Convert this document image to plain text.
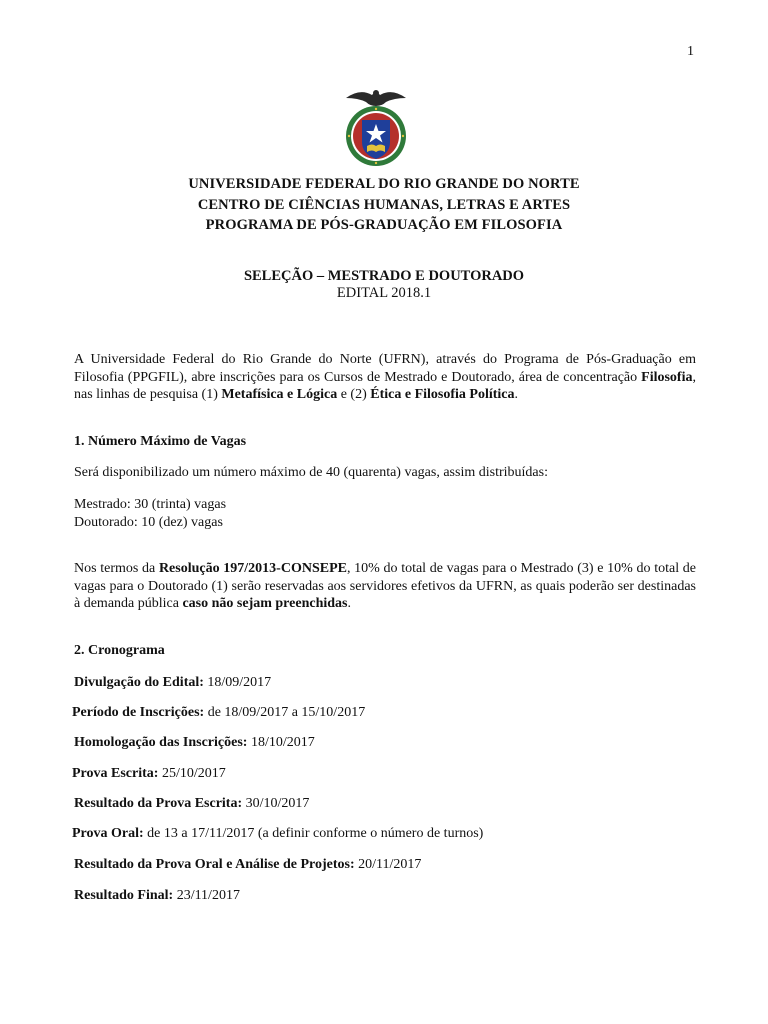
1
UNIVERSIDADE FEDERAL DO RIO GRANDE DO NORTE
CENTRO DE CIÊNCIAS HUMANAS, LETRAS E ARTES
PROGRAMA DE PÓS-GRADUAÇÃO EM FILOSOFIA
SELEÇÃO – MESTRADO E DOUTORADO
EDITAL 2018.1
A Universidade Federal do Rio Grande do Norte (UFRN), através do Programa de Pós-Graduação em Filosofia (PPGFIL), abre inscrições para os Cursos de Mestrado e Doutorado, área de concentração Filosofia, nas linhas de pesquisa (1) Metafísica e Lógica e (2) Ética e Filosofia Política.
1. Número Máximo de Vagas
Será disponibilizado um número máximo de 40 (quarenta) vagas, assim distribuídas:
Mestrado: 30 (trinta) vagas
Doutorado: 10 (dez) vagas
Nos termos da Resolução 197/2013-CONSEPE, 10% do total de vagas para o Mestrado (3) e 10% do total de vagas para o Doutorado (1) serão reservadas aos servidores efetivos da UFRN, as quais poderão ser destinadas à demanda pública caso não sejam preenchidas.
2. Cronograma
Divulgação do Edital: 18/09/2017
Período de Inscrições: de 18/09/2017 a 15/10/2017
Homologação das Inscrições: 18/10/2017
Prova Escrita: 25/10/2017
Resultado da Prova Escrita: 30/10/2017
Prova Oral: de 13 a 17/11/2017 (a definir conforme o número de turnos)
Resultado da Prova Oral e Análise de Projetos: 20/11/2017
Resultado Final: 23/11/2017
